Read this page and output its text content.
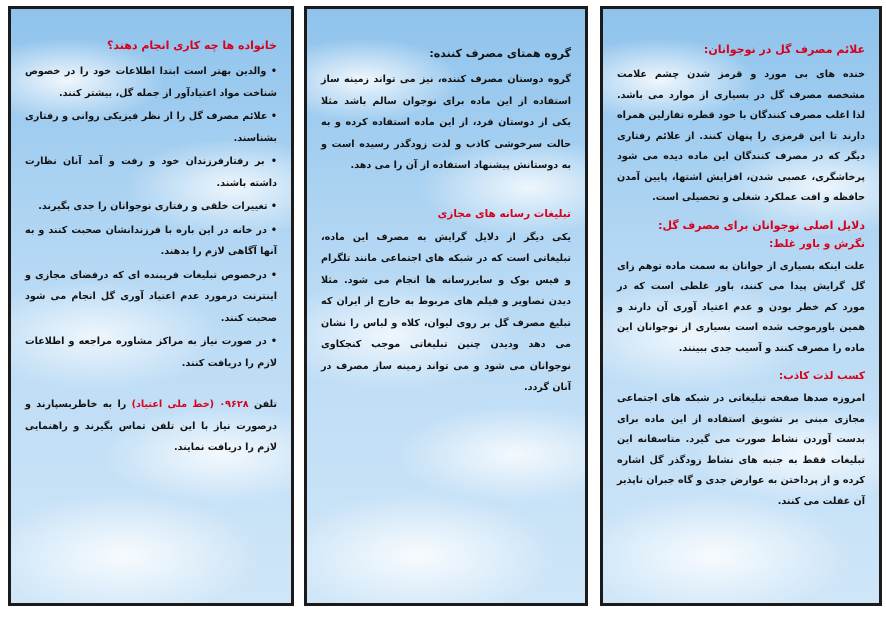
خانواده ها چه کاری انجام دهند؟

• والدین بهتر است ابتدا اطلاعات خود را در خصوص شناخت مواد اعتیادآور از جمله گل، بیشتر کنند.

• علائم مصرف گل را از نظر فیزیکی روانی و رفتاری بشناسند.

• بر رفتارفرزندان خود و رفت و آمد آنان نظارت داشته باشند.

• تغییرات خلقی و رفتاری نوجوانان را جدی بگیرند.

• در خانه در این باره با فرزندانشان صحبت کنند و به آنها آگاهی لازم را بدهند.

• درخصوص تبلیغات فریبنده ای که درفضای مجازی و اینترنت درمورد عدم اعتیاد آوری گل انجام می شود صحبت کنند.

• در صورت نیاز به مراکز مشاوره مراجعه و اطلاعات لازم را دریافت کنند.

تلفن ۰۹۶۲۸ (خط ملی اعتیاد) را به خاطربسپارند و درصورت نیاز با این تلفن تماس بگیرند و راهنمایی لازم را دریافت نمایند.

گروه همتای مصرف کننده:

گروه دوستان مصرف کننده، نیز می تواند زمینه ساز استفاده از این ماده برای نوجوان سالم باشد مثلا یکی از دوستان فرد، از این ماده استفاده کرده و به حالت سرخوشی کاذب و لذت زودگذر رسیده است و به دوستانش پیشنهاد استفاده از آن را می دهد.

تبلیغات رسانه های مجازی

یکی دیگر از دلایل گرایش به مصرف این ماده، تبلیغاتی است که در شبکه های اجتماعی مانند تلگرام و فیس بوک و سایررسانه ها انجام می شود. مثلا دیدن تصاویر و فیلم های مربوط به خارج از ایران که تبلیغ مصرف گل بر روی لیوان، کلاه و لباس را نشان می دهد ودیدن چنین تبلیغاتی موجب کنجکاوی نوجوانان می شود و می تواند زمینه ساز مصرف در آنان گردد.

علائم مصرف گل در نوجوانان:

خنده های بی مورد و قرمز شدن چشم علامت مشخصه مصرف گل در بسیاری از موارد می باشد. لذا اغلب مصرف کنندگان با خود قطره تفازلین همراه دارند تا این قرمزی را پنهان کنند. از علائم رفتاری دیگر که در مصرف کنندگان این ماده دیده می شود پرخاشگری، عصبی شدن، افزایش اشتها، پایین آمدن حافظه و افت عملکرد شغلی و تحصیلی است.

دلایل اصلی نوجوانان برای مصرف گل:
نگرش و باور غلط:

علت اینکه بسیاری از جوانان به سمت ماده توهم زای گل گرایش پیدا می کنند، باور غلطی است که در مورد کم خطر بودن و عدم اعتیاد آوری آن دارند و همین باورموجب شده است بسیاری از نوجوانان این ماده را مصرف کنند و آسیب جدی ببینند.

کسب لذت کاذب:

امروزه صدها صفحه تبلیغاتی در شبکه های اجتماعی مجازی مبنی بر تشویق استفاده از این ماده برای بدست آوردن نشاط صورت می گیرد. متاسفانه این تبلیغات فقط به جنبه های نشاط زودگذر گل اشاره کرده و از پرداختن به عوارض جدی و گاه جبران ناپذیر آن غفلت می کنند.
